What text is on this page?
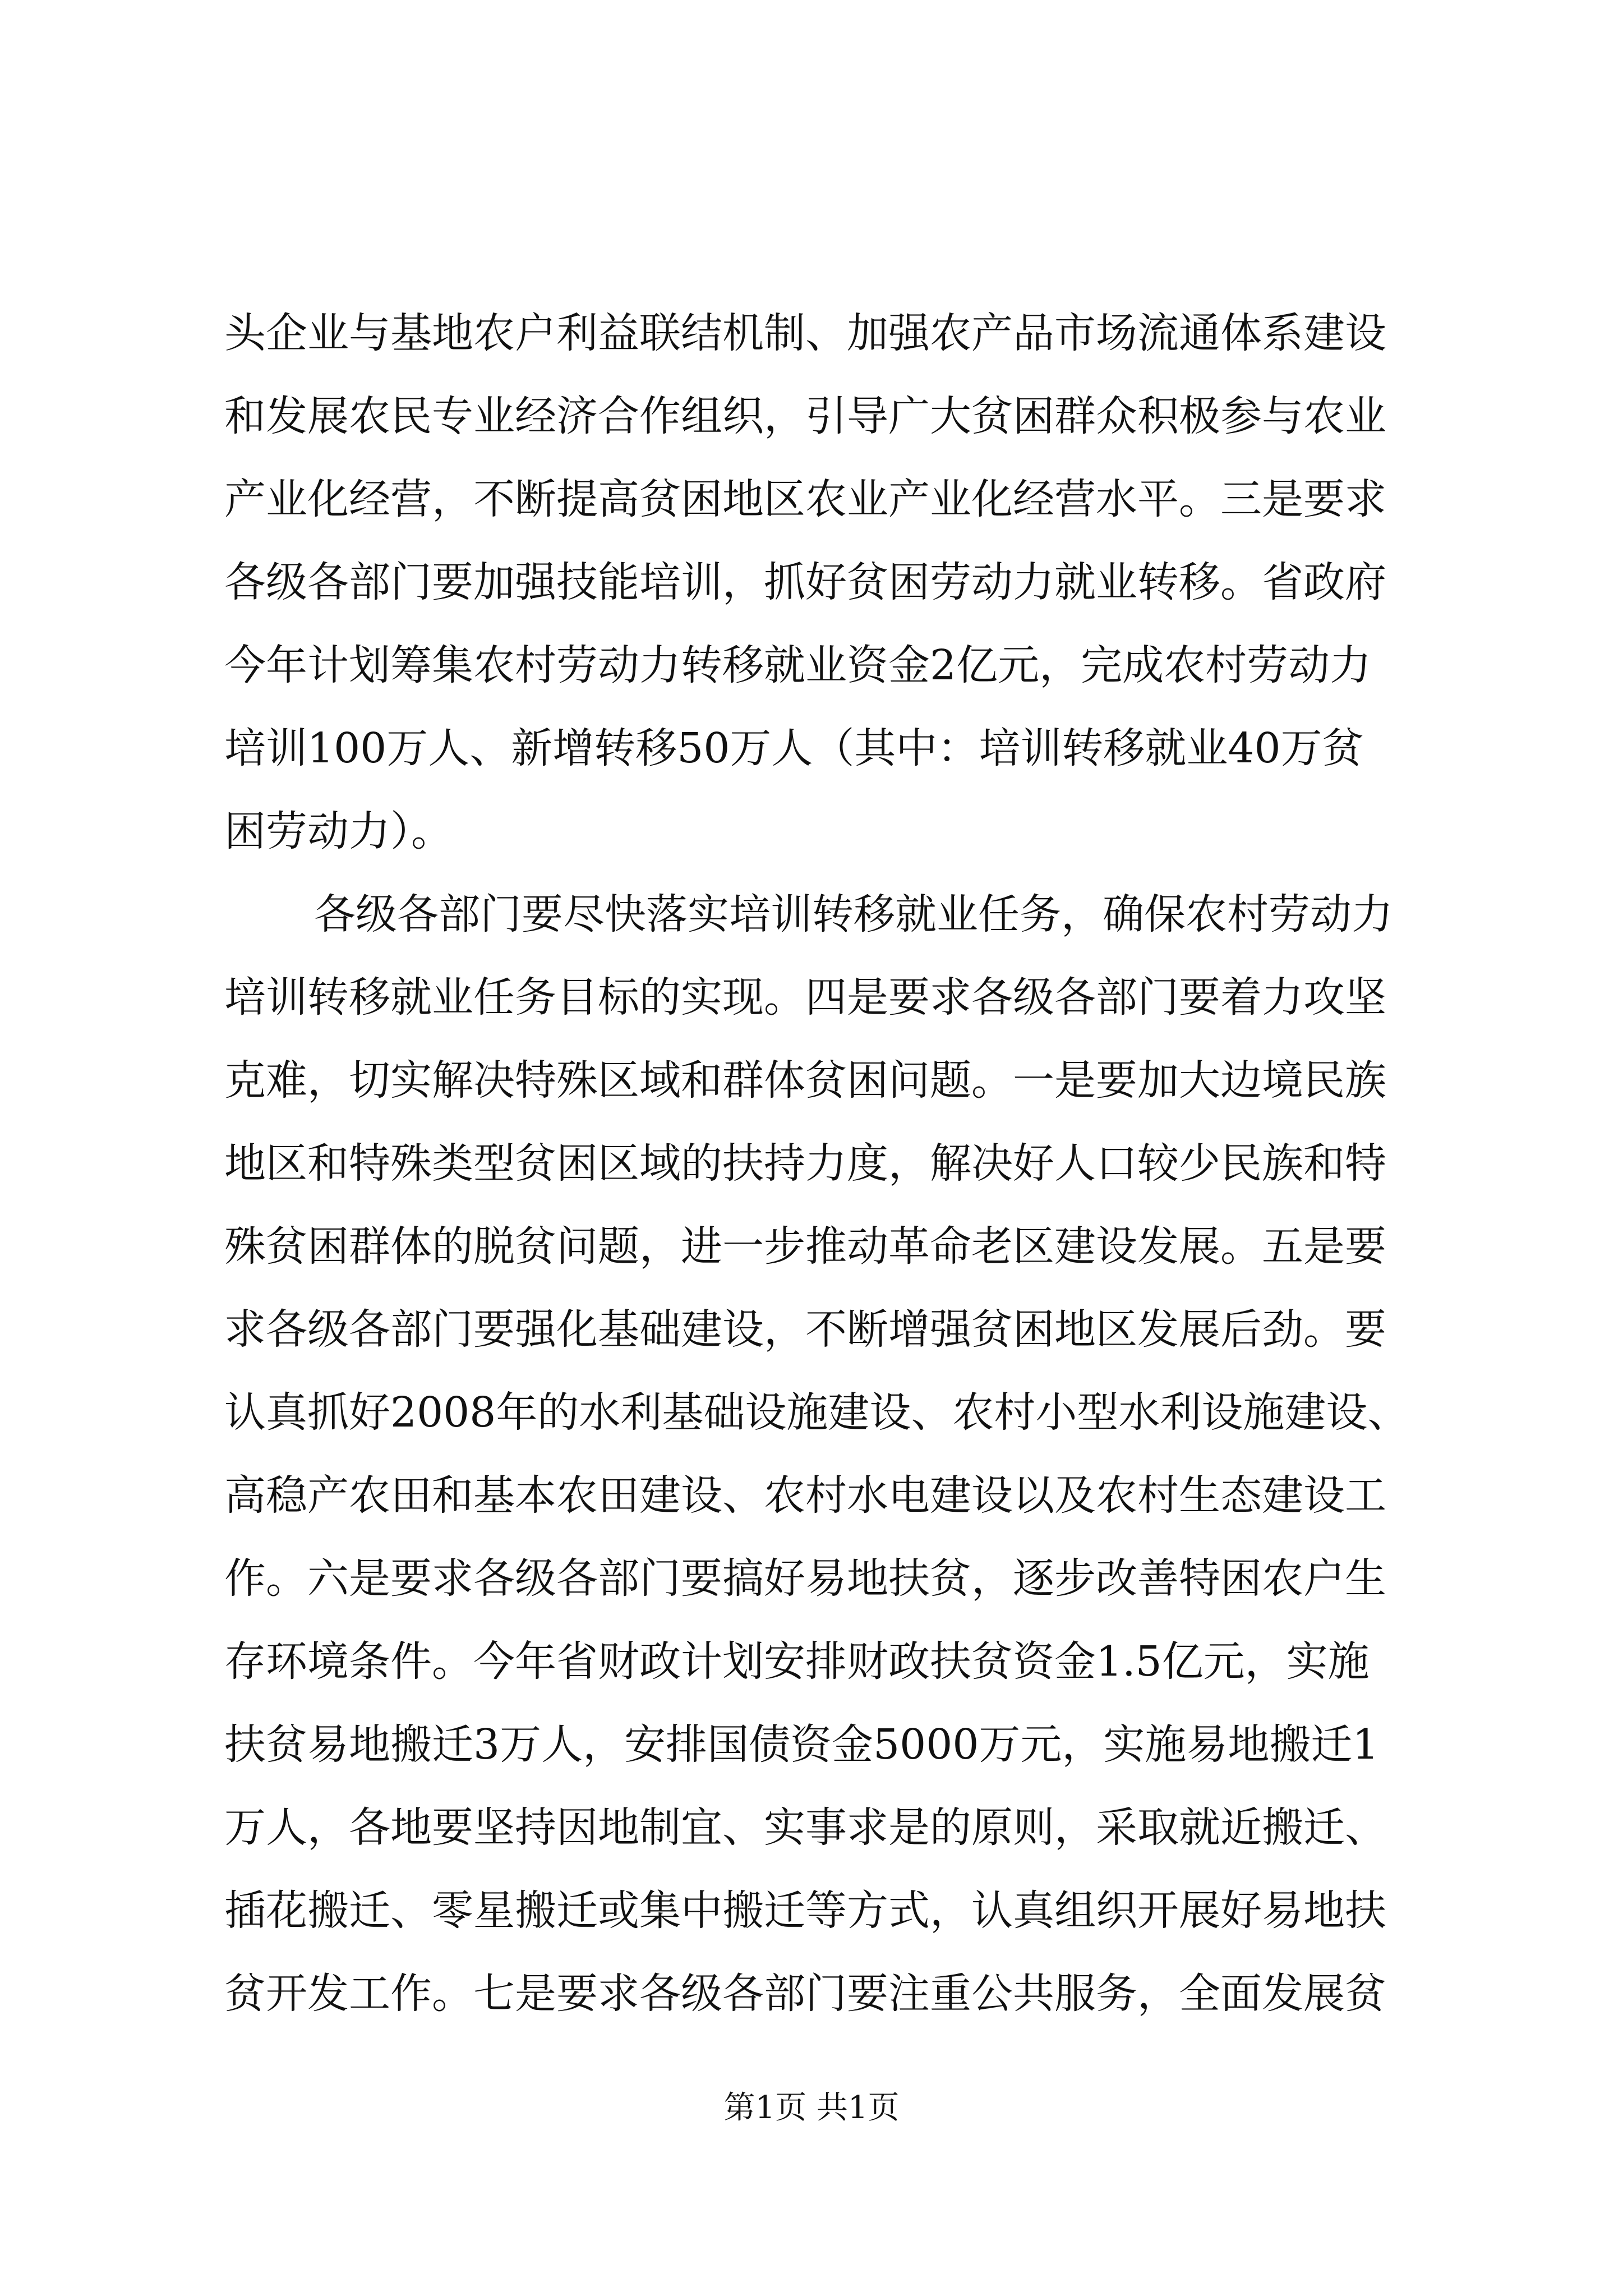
头企业与基地农户利益联结机制、加强农产品市场流通体系建设
和发展农民专业经济合作组织，引导广大贫困群众积极参与农业
产业化经营，不断提高贫困地区农业产业化经营水平。三是要求
各级各部门要加强技能培训，抓好贫困劳动力就业转移。省政府
今年计划筹集农村劳动力转移就业资金2亿元，完成农村劳动力
培训100万人、新增转移50万人（其中：培训转移就业40万贫
困劳动力）。
各级各部门要尽快落实培训转移就业任务，确保农村劳动力
培训转移就业任务目标的实现。四是要求各级各部门要着力攻坚
克难，切实解决特殊区域和群体贫困问题。一是要加大边境民族
地区和特殊类型贫困区域的扶持力度，解决好人口较少民族和特
殊贫困群体的脱贫问题，进一步推动革命老区建设发展。五是要
求各级各部门要强化基础建设，不断增强贫困地区发展后劲。要
认真抓好2008年的水利基础设施建设、农村小型水利设施建设、
高稳产农田和基本农田建设、农村水电建设以及农村生态建设工
作。六是要求各级各部门要搞好易地扶贫，逐步改善特困农户生
存环境条件。今年省财政计划安排财政扶贫资金1.5亿元，实施
扶贫易地搬迁3万人，安排国债资金5000万元，实施易地搬迁1
万人，各地要坚持因地制宜、实事求是的原则，采取就近搬迁、
插花搬迁、零星搬迁或集中搬迁等方式，认真组织开展好易地扶
贫开发工作。七是要求各级各部门要注重公共服务，全面发展贫
第1页 共1页
